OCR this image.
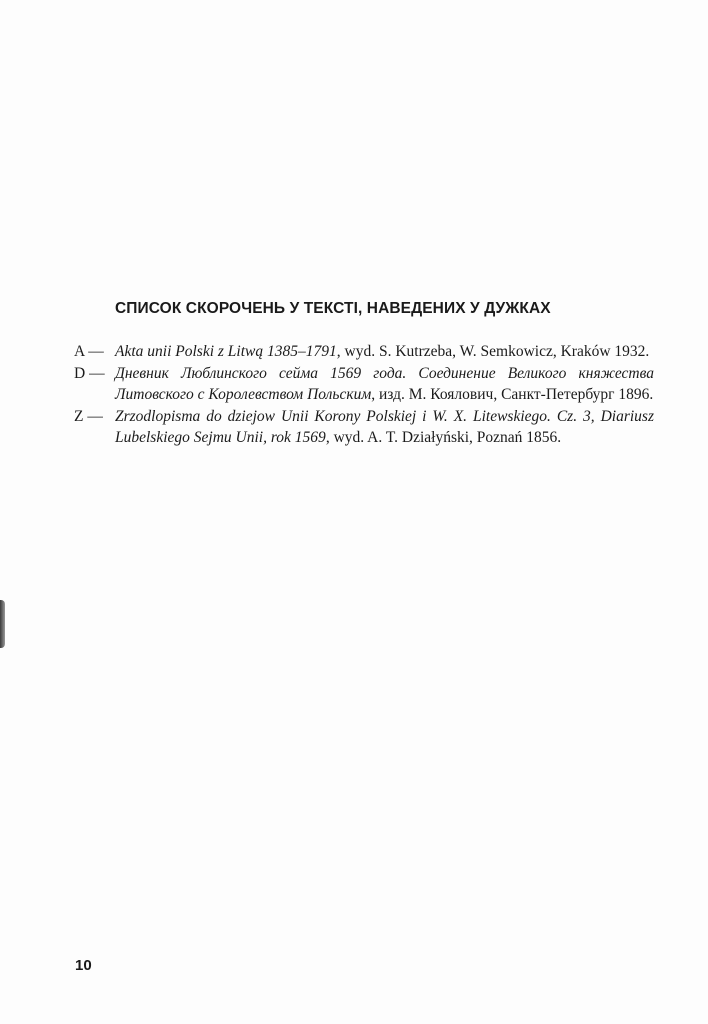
СПИСОК СКОРОЧЕНЬ У ТЕКСТІ, НАВЕДЕНИХ У ДУЖКАХ
A — Akta unii Polski z Litwą 1385–1791, wyd. S. Kutrzeba, W. Semkowicz, Kraków 1932.
D — Дневник Люблинского сейма 1569 года. Соединение Великого княжества Литовского с Королевством Польским, изд. М. Коялович, Санкт-Петербург 1896.
Z — Zrzodlopisma do dziejow Unii Korony Polskiej i W. X. Litewskiego. Cz. 3, Diariusz Lubelskiego Sejmu Unii, rok 1569, wyd. A. T. Działyński, Poznań 1856.

10
